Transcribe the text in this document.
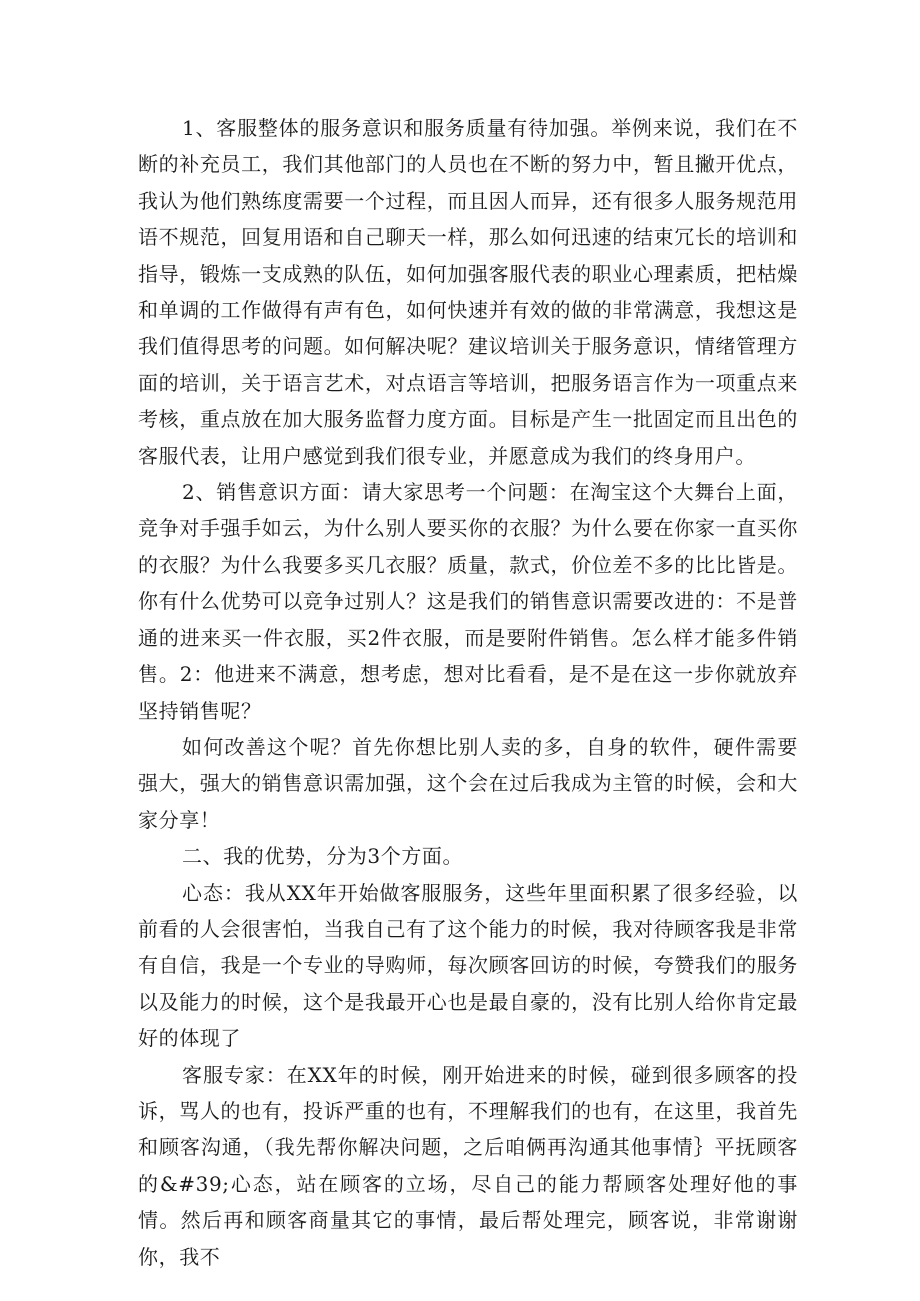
1、客服整体的服务意识和服务质量有待加强。举例来说，我们在不断的补充员工，我们其他部门的人员也在不断的努力中，暂且撇开优点，我认为他们熟练度需要一个过程，而且因人而异，还有很多人服务规范用语不规范，回复用语和自己聊天一样，那么如何迅速的结束冗长的培训和指导，锻炼一支成熟的队伍，如何加强客服代表的职业心理素质，把枯燥和单调的工作做得有声有色，如何快速并有效的做的非常满意，我想这是我们值得思考的问题。如何解决呢？建议培训关于服务意识，情绪管理方面的培训，关于语言艺术，对点语言等培训，把服务语言作为一项重点来考核，重点放在加大服务监督力度方面。目标是产生一批固定而且出色的客服代表，让用户感觉到我们很专业，并愿意成为我们的终身用户。

2、销售意识方面：请大家思考一个问题：在淘宝这个大舞台上面，竞争对手强手如云，为什么别人要买你的衣服？为什么要在你家一直买你的衣服？为什么我要多买几衣服？质量，款式，价位差不多的比比皆是。你有什么优势可以竞争过别人？这是我们的销售意识需要改进的：不是普通的进来买一件衣服，买2件衣服，而是要附件销售。怎么样才能多件销售。2：他进来不满意，想考虑，想对比看看，是不是在这一步你就放弃坚持销售呢？

如何改善这个呢？首先你想比别人卖的多，自身的软件，硬件需要强大，强大的销售意识需加强，这个会在过后我成为主管的时候，会和大家分享！

二、我的优势，分为3个方面。

心态：我从XX年开始做客服服务，这些年里面积累了很多经验，以前看的人会很害怕，当我自己有了这个能力的时候，我对待顾客我是非常有自信，我是一个专业的导购师，每次顾客回访的时候，夸赞我们的服务以及能力的时候，这个是我最开心也是最自豪的，没有比别人给你肯定最好的体现了

客服专家：在XX年的时候，刚开始进来的时候，碰到很多顾客的投诉，骂人的也有，投诉严重的也有，不理解我们的也有，在这里，我首先和顾客沟通，（我先帮你解决问题，之后咱俩再沟通其他事情｝平抚顾客的&#39;心态，站在顾客的立场，尽自己的能力帮顾客处理好他的事情。然后再和顾客商量其它的事情，最后帮处理完，顾客说，非常谢谢你，我不
